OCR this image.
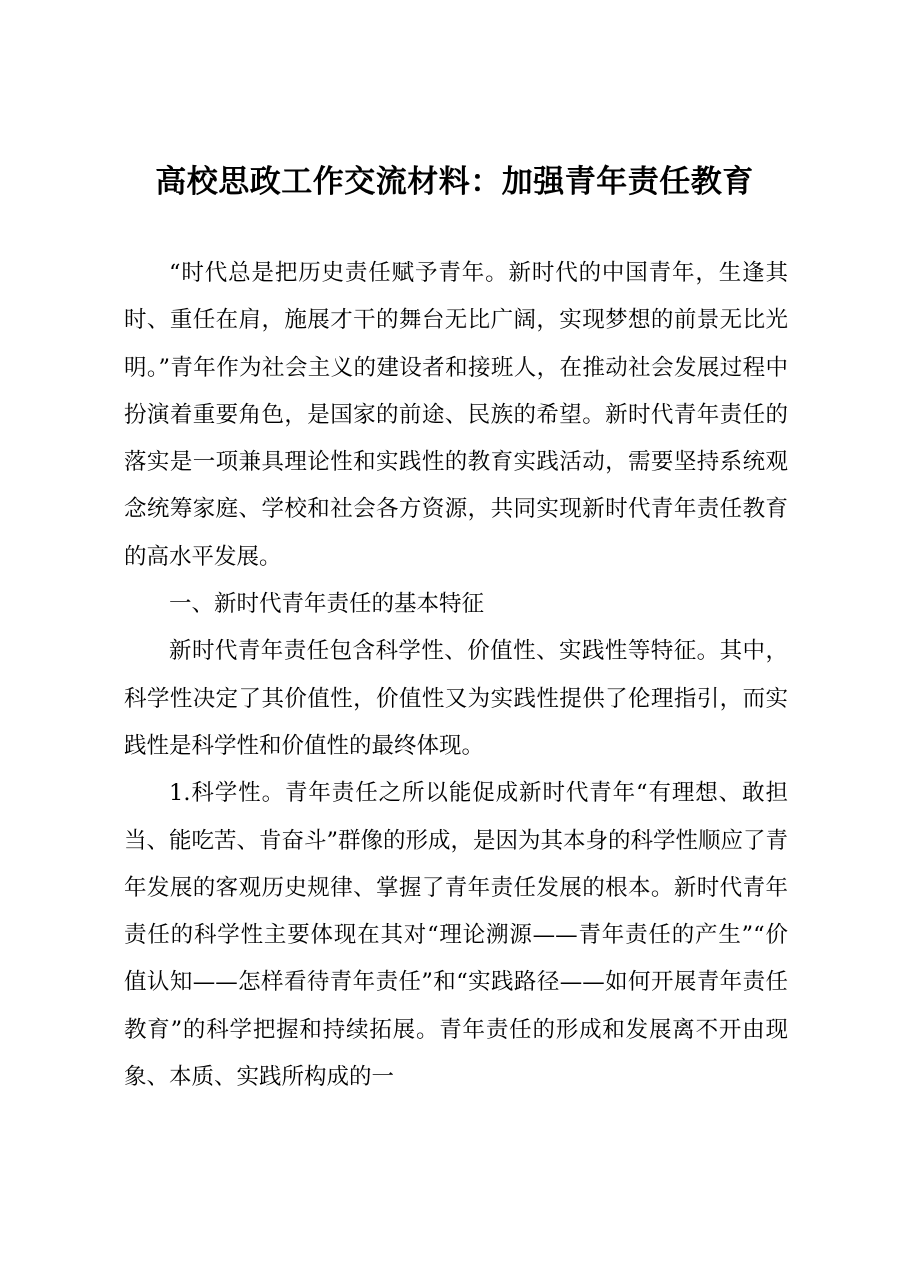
高校思政工作交流材料：加强青年责任教育

“时代总是把历史责任赋予青年。新时代的中国青年，生逢其时、重任在肩，施展才干的舞台无比广阔，实现梦想的前景无比光明。”青年作为社会主义的建设者和接班人，在推动社会发展过程中扮演着重要角色，是国家的前途、民族的希望。新时代青年责任的落实是一项兼具理论性和实践性的教育实践活动，需要坚持系统观念统筹家庭、学校和社会各方资源，共同实现新时代青年责任教育的高水平发展。

一、新时代青年责任的基本特征

新时代青年责任包含科学性、价值性、实践性等特征。其中，科学性决定了其价值性，价值性又为实践性提供了伦理指引，而实践性是科学性和价值性的最终体现。

1.科学性。青年责任之所以能促成新时代青年“有理想、敢担当、能吃苦、肯奋斗”群像的形成，是因为其本身的科学性顺应了青年发展的客观历史规律、掌握了青年责任发展的根本。新时代青年责任的科学性主要体现在其对“理论溯源——青年责任的产生”“价值认知——怎样看待青年责任”和“实践路径——如何开展青年责任教育”的科学把握和持续拓展。青年责任的形成和发展离不开由现象、本质、实践所构成的一
